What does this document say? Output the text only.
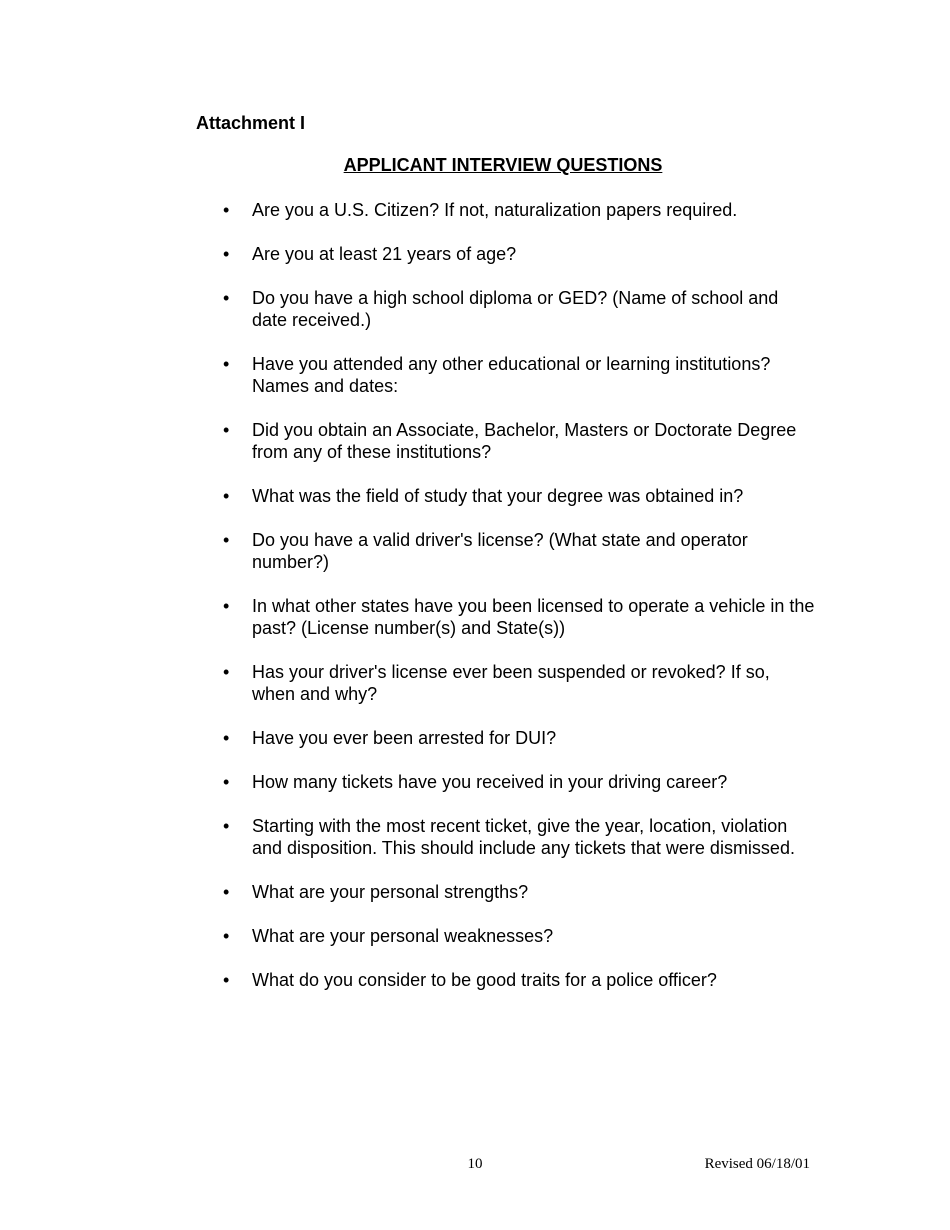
Attachment I
APPLICANT INTERVIEW QUESTIONS
•	Are you a U.S. Citizen? If not, naturalization papers required.
•	Are you at least 21 years of age?
•	Do you have a high school diploma or GED? (Name of school and date received.)
•	Have you attended any other educational or learning institutions? Names and dates:
•	Did you obtain an Associate, Bachelor, Masters or Doctorate Degree from any of these institutions?
•	What was the field of study that your degree was obtained in?
•	Do you have a valid driver's license? (What state and operator number?)
•	In what other states have you been licensed to operate a vehicle in the past? (License number(s) and State(s))
•	Has your driver's license ever been suspended or revoked? If so, when and why?
•	Have you ever been arrested for DUI?
•	How many tickets have you received in your driving career?
•	Starting with the most recent ticket, give the year, location, violation and disposition. This should include any tickets that were dismissed.
•	What are your personal strengths?
•	What are your personal weaknesses?
•	What do you consider to be good traits for a police officer?
10	Revised 06/18/01
